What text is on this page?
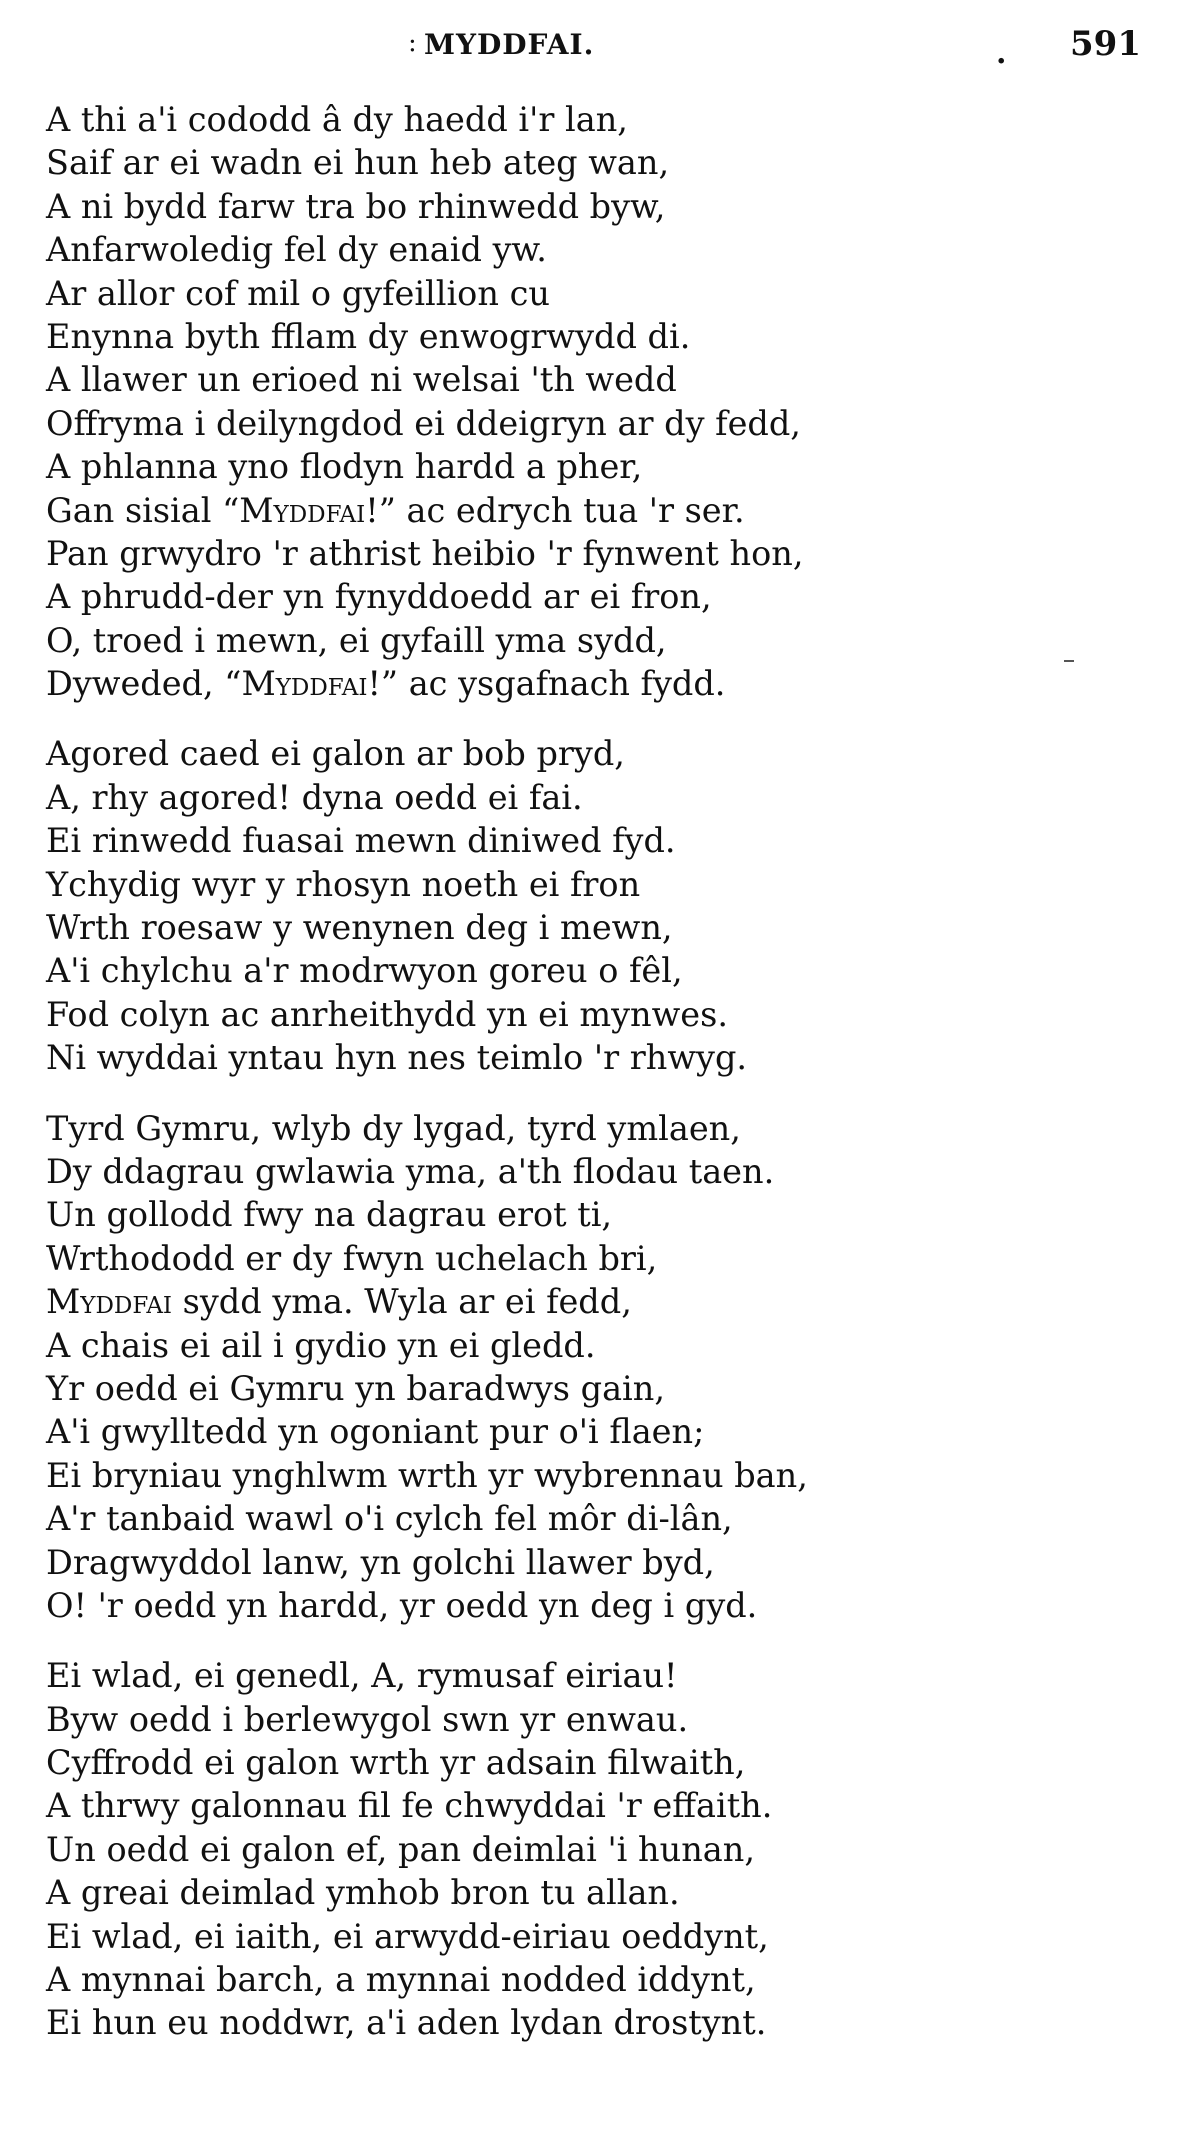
: MYDDFAI.	. 591
A thi a'i cododd â dy haedd i'r lan,
Saif ar ei wadn ei hun heb ateg wan,
A ni bydd farw tra bo rhinwedd byw,
Anfarwoledig fel dy enaid yw.
Ar allor cof mil o gyfeillion cu
Enynna byth fflam dy enwogrwydd di.
A llawer un erioed ni welsai 'th wedd
Offryma i deilyngdod ei ddeigryn ar dy fedd,
A phlanna yno flodyn hardd a pher,
Gan sisial “Myddfai!” ac edrych tua 'r ser.
Pan grwydro 'r athrist heibio 'r fynwent hon,
A phrudd-der yn fynyddoedd ar ei fron,
O, troed i mewn, ei gyfaill yma sydd,
Dyweded, “Myddfai!” ac ysgafnach fydd.
Agored caed ei galon ar bob pryd,
A, rhy agored! dyna oedd ei fai.
Ei rinwedd fuasai mewn diniwed fyd.
Ychydig wyr y rhosyn noeth ei fron
Wrth roesaw y wenynen deg i mewn,
A'i chylchu a'r modrwyon goreu o fêl,
Fod colyn ac anrheithydd yn ei mynwes.
Ni wyddai yntau hyn nes teimlo 'r rhwyg.
Tyrd Gymru, wlyb dy lygad, tyrd ymlaen,
Dy ddagrau gwlawia yma, a'th flodau taen.
Un gollodd fwy na dagrau erot ti,
Wrthododd er dy fwyn uchelach bri,
Myddfai sydd yma. Wyla ar ei fedd,
A chais ei ail i gydio yn ei gledd.
Yr oedd ei Gymru yn baradwys gain,
A'i gwylltedd yn ogoniant pur o'i flaen;
Ei bryniau ynghlwm wrth yr wybrennau ban,
A'r tanbaid wawl o'i cylch fel môr di-lân,
Dragwyddol lanw, yn golchi llawer byd,
O! 'r oedd yn hardd, yr oedd yn deg i gyd.
Ei wlad, ei genedl, A, rymusaf eiriau!
Byw oedd i berlewygol swn yr enwau.
Cyffrodd ei galon wrth yr adsain filwaith,
A thrwy galonnau fil fe chwyddai 'r effaith.
Un oedd ei galon ef, pan deimlai 'i hunan,
A greai deimlad ymhob bron tu allan.
Ei wlad, ei iaith, ei arwydd-eiriau oeddynt,
A mynnai barch, a mynnai nodded iddynt,
Ei hun eu noddwr, a'i aden lydan drostynt.
